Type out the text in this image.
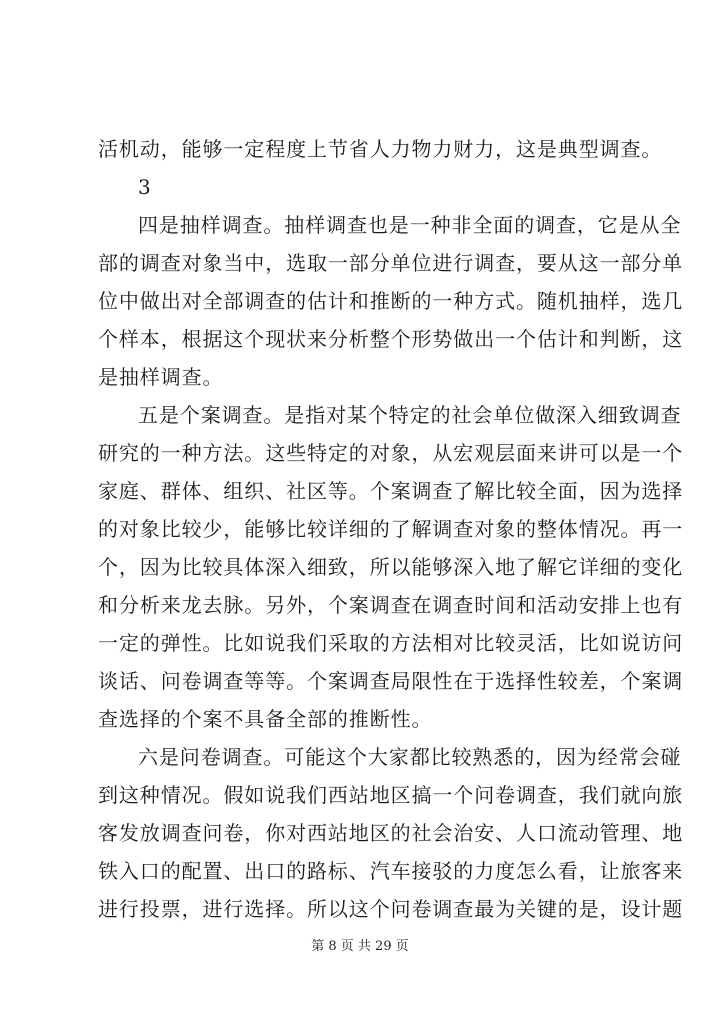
活机动，能够一定程度上节省人力物力财力，这是典型调查。
3
四是抽样调查。抽样调查也是一种非全面的调查，它是从全
部的调查对象当中，选取一部分单位进行调查，要从这一部分单
位中做出对全部调查的估计和推断的一种方式。随机抽样，选几
个样本，根据这个现状来分析整个形势做出一个估计和判断，这
是抽样调查。
五是个案调查。是指对某个特定的社会单位做深入细致调查
研究的一种方法。这些特定的对象，从宏观层面来讲可以是一个
家庭、群体、组织、社区等。个案调查了解比较全面，因为选择
的对象比较少，能够比较详细的了解调查对象的整体情况。再一
个，因为比较具体深入细致，所以能够深入地了解它详细的变化
和分析来龙去脉。另外，个案调查在调查时间和活动安排上也有
一定的弹性。比如说我们采取的方法相对比较灵活，比如说访问
谈话、问卷调查等等。个案调查局限性在于选择性较差，个案调
查选择的个案不具备全部的推断性。
六是问卷调查。可能这个大家都比较熟悉的，因为经常会碰
到这种情况。假如说我们西站地区搞一个问卷调查，我们就向旅
客发放调查问卷，你对西站地区的社会治安、人口流动管理、地
铁入口的配置、出口的路标、汽车接驳的力度怎么看，让旅客来
进行投票，进行选择。所以这个问卷调查最为关键的是，设计题
第 8 页 共 29 页
